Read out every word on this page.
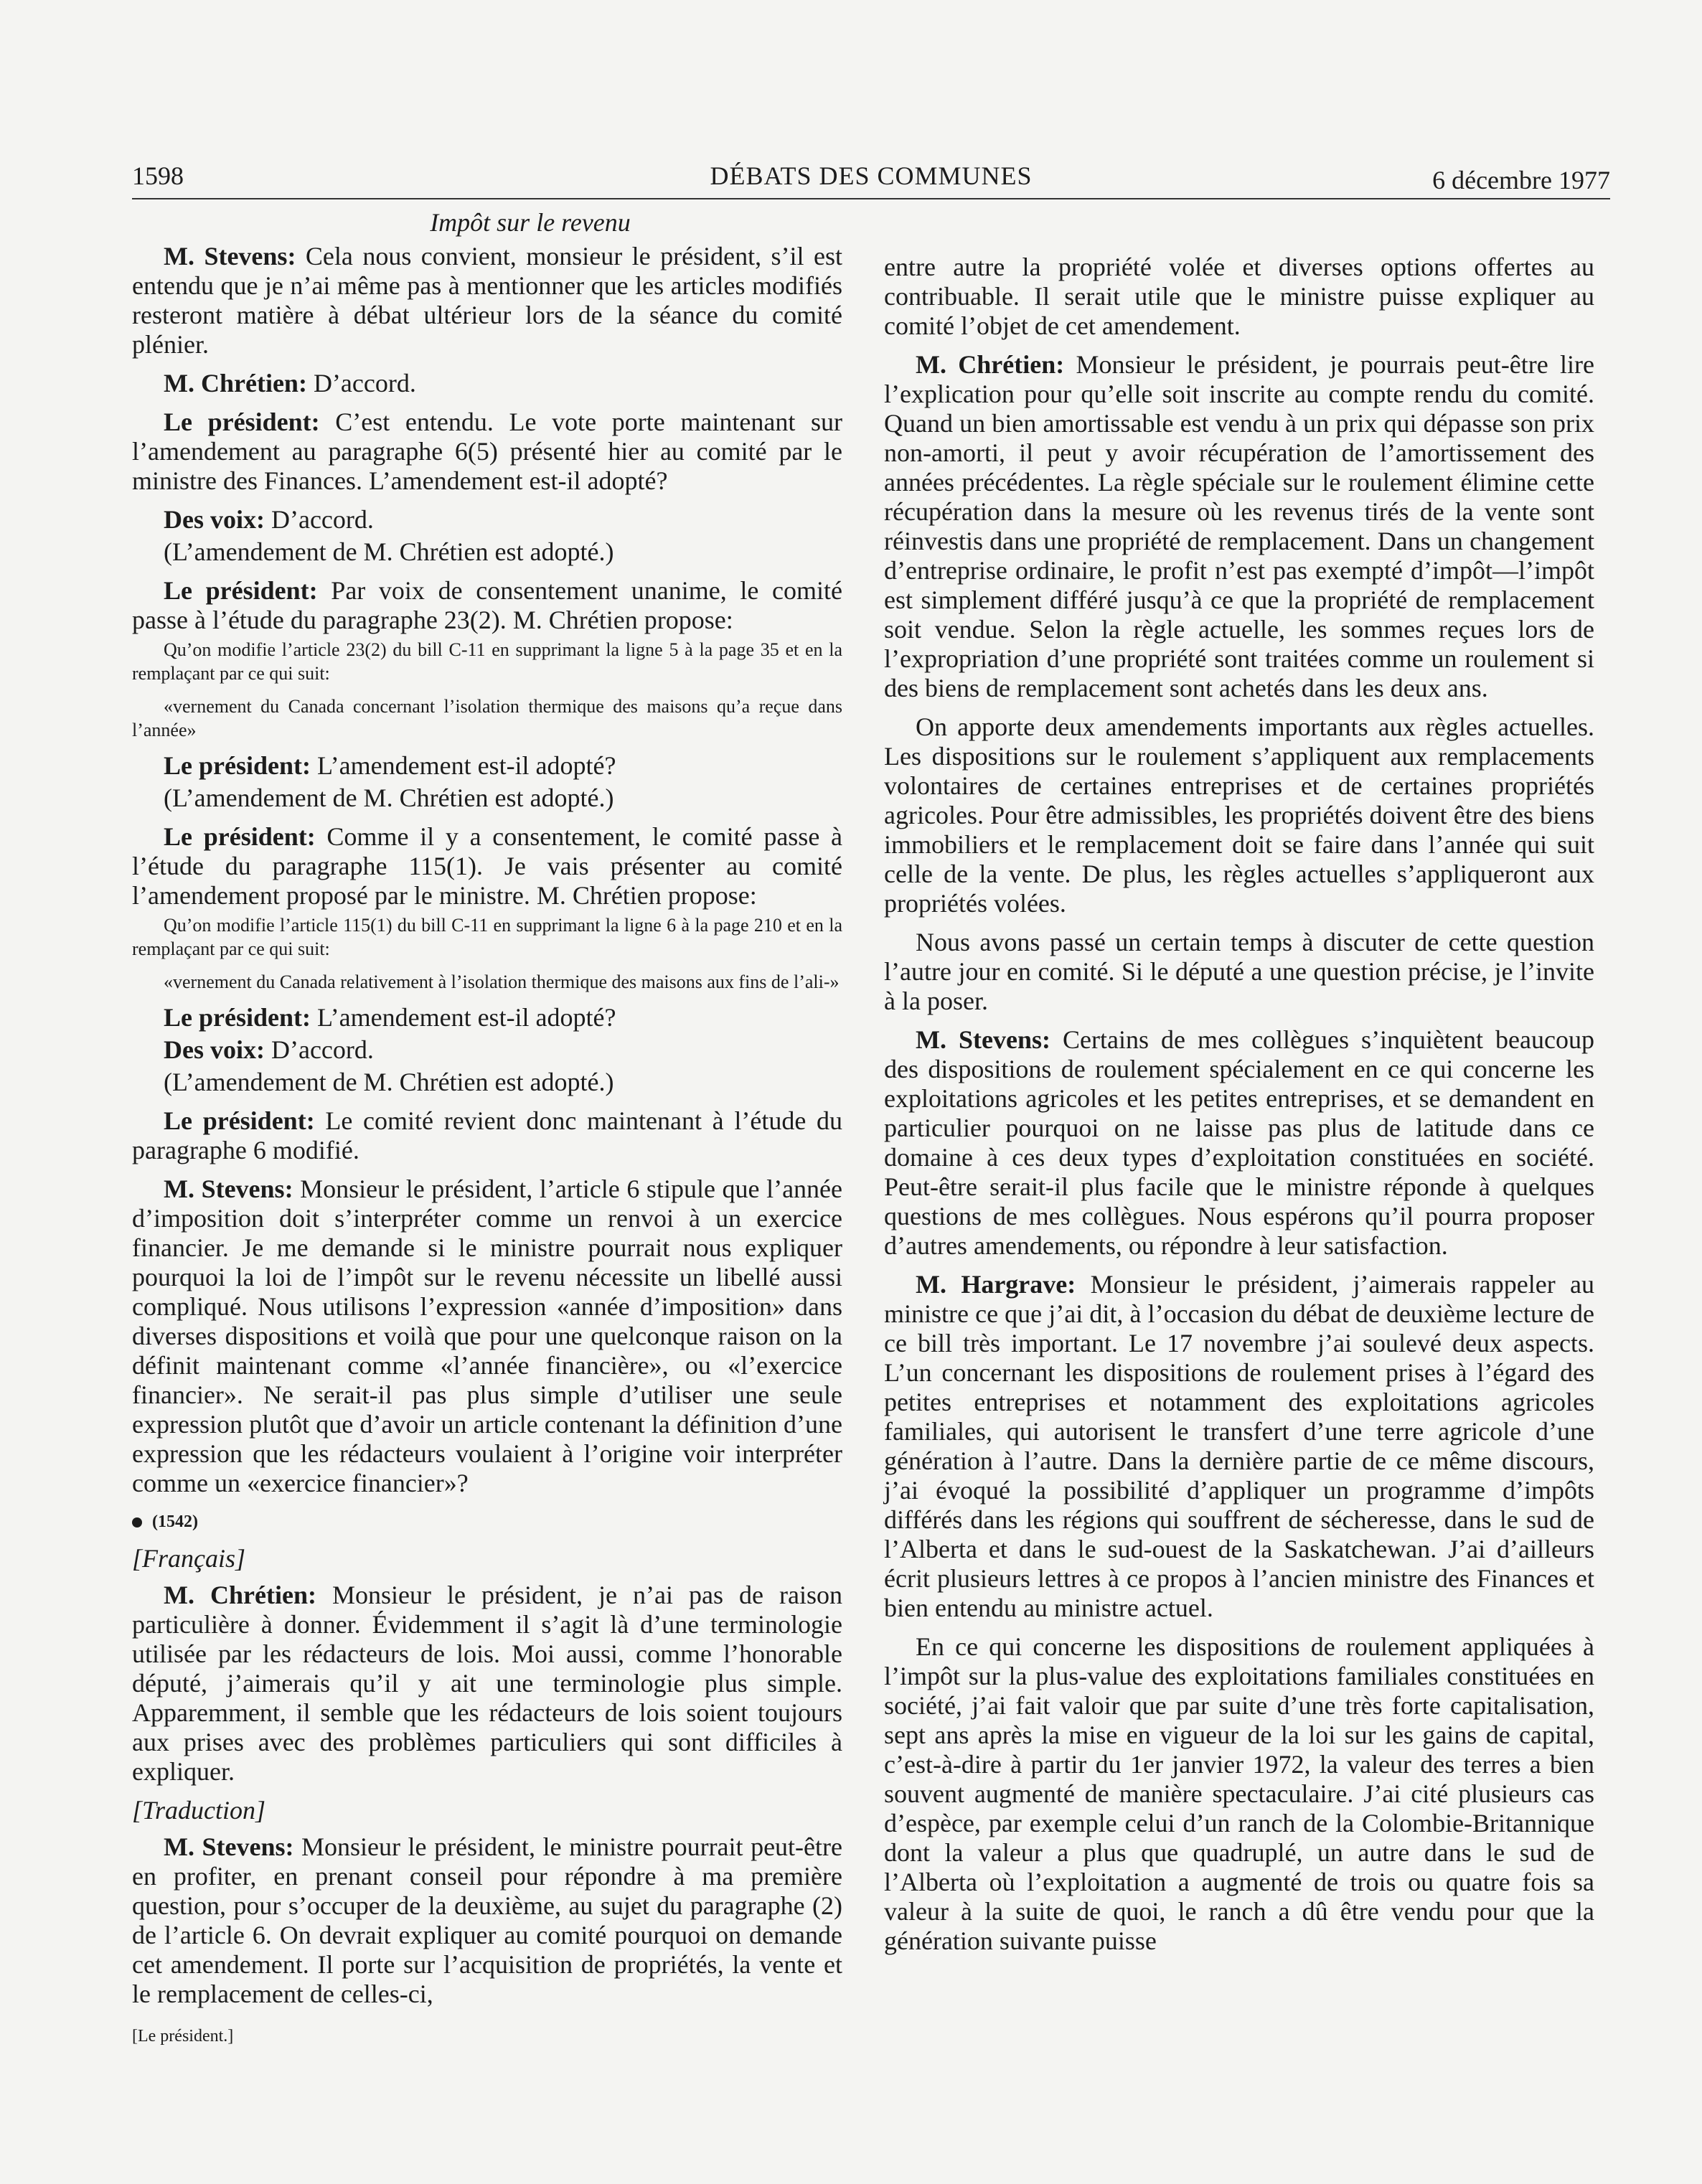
1598	DÉBATS DES COMMUNES	6 décembre 1977
Impôt sur le revenu

M. Stevens: Cela nous convient, monsieur le président, s’il est entendu que je n’ai même pas à mentionner que les articles modifiés resteront matière à débat ultérieur lors de la séance du comité plénier.

M. Chrétien: D’accord.

Le président: C’est entendu. Le vote porte maintenant sur l’amendement au paragraphe 6(5) présenté hier au comité par le ministre des Finances. L’amendement est-il adopté?

Des voix: D’accord.

(L’amendement de M. Chrétien est adopté.)

Le président: Par voix de consentement unanime, le comité passe à l’étude du paragraphe 23(2). M. Chrétien propose:

Qu’on modifie l’article 23(2) du bill C-11 en supprimant la ligne 5 à la page 35 et en la remplaçant par ce qui suit:

«vernement du Canada concernant l’isolation thermique des maisons qu’a reçue dans l’année»

Le président: L’amendement est-il adopté?

(L’amendement de M. Chrétien est adopté.)

Le président: Comme il y a consentement, le comité passe à l’étude du paragraphe 115(1). Je vais présenter au comité l’amendement proposé par le ministre. M. Chrétien propose:

Qu’on modifie l’article 115(1) du bill C-11 en supprimant la ligne 6 à la page 210 et en la remplaçant par ce qui suit:

«vernement du Canada relativement à l’isolation thermique des maisons aux fins de l’ali-»

Le président: L’amendement est-il adopté?

Des voix: D’accord.

(L’amendement de M. Chrétien est adopté.)

Le président: Le comité revient donc maintenant à l’étude du paragraphe 6 modifié.

M. Stevens: Monsieur le président, l’article 6 stipule que l’année d’imposition doit s’interpréter comme un renvoi à un exercice financier. Je me demande si le ministre pourrait nous expliquer pourquoi la loi de l’impôt sur le revenu nécessite un libellé aussi compliqué. Nous utilisons l’expression «année d’imposition» dans diverses dispositions et voilà que pour une quelconque raison on la définit maintenant comme «l’année financière», ou «l’exercice financier». Ne serait-il pas plus simple d’utiliser une seule expression plutôt que d’avoir un article contenant la définition d’une expression que les rédacteurs voulaient à l’origine voir interpréter comme un «exercice financier»?

(1542)
[Français]

M. Chrétien: Monsieur le président, je n’ai pas de raison particulière à donner. Évidemment il s’agit là d’une terminologie utilisée par les rédacteurs de lois. Moi aussi, comme l’honorable député, j’aimerais qu’il y ait une terminologie plus simple. Apparemment, il semble que les rédacteurs de lois soient toujours aux prises avec des problèmes particuliers qui sont difficiles à expliquer.

[Traduction]

M. Stevens: Monsieur le président, le ministre pourrait peut-être en profiter, en prenant conseil pour répondre à ma première question, pour s’occuper de la deuxième, au sujet du paragraphe (2) de l’article 6. On devrait expliquer au comité pourquoi on demande cet amendement. Il porte sur l’acquisition de propriétés, la vente et le remplacement de celles-ci,

[Le président.]

entre autre la propriété volée et diverses options offertes au contribuable. Il serait utile que le ministre puisse expliquer au comité l’objet de cet amendement.

M. Chrétien: Monsieur le président, je pourrais peut-être lire l’explication pour qu’elle soit inscrite au compte rendu du comité. Quand un bien amortissable est vendu à un prix qui dépasse son prix non-amorti, il peut y avoir récupération de l’amortissement des années précédentes. La règle spéciale sur le roulement élimine cette récupération dans la mesure où les revenus tirés de la vente sont réinvestis dans une propriété de remplacement. Dans un changement d’entreprise ordinaire, le profit n’est pas exempté d’impôt—l’impôt est simplement différé jusqu’à ce que la propriété de remplacement soit vendue. Selon la règle actuelle, les sommes reçues lors de l’expropriation d’une propriété sont traitées comme un roulement si des biens de remplacement sont achetés dans les deux ans.

On apporte deux amendements importants aux règles actuelles. Les dispositions sur le roulement s’appliquent aux remplacements volontaires de certaines entreprises et de certaines propriétés agricoles. Pour être admissibles, les propriétés doivent être des biens immobiliers et le remplacement doit se faire dans l’année qui suit celle de la vente. De plus, les règles actuelles s’appliqueront aux propriétés volées.

Nous avons passé un certain temps à discuter de cette question l’autre jour en comité. Si le député a une question précise, je l’invite à la poser.

M. Stevens: Certains de mes collègues s’inquiètent beaucoup des dispositions de roulement spécialement en ce qui concerne les exploitations agricoles et les petites entreprises, et se demandent en particulier pourquoi on ne laisse pas plus de latitude dans ce domaine à ces deux types d’exploitation constituées en société. Peut-être serait-il plus facile que le ministre réponde à quelques questions de mes collègues. Nous espérons qu’il pourra proposer d’autres amendements, ou répondre à leur satisfaction.

M. Hargrave: Monsieur le président, j’aimerais rappeler au ministre ce que j’ai dit, à l’occasion du débat de deuxième lecture de ce bill très important. Le 17 novembre j’ai soulevé deux aspects. L’un concernant les dispositions de roulement prises à l’égard des petites entreprises et notamment des exploitations agricoles familiales, qui autorisent le transfert d’une terre agricole d’une génération à l’autre. Dans la dernière partie de ce même discours, j’ai évoqué la possibilité d’appliquer un programme d’impôts différés dans les régions qui souffrent de sécheresse, dans le sud de l’Alberta et dans le sud-ouest de la Saskatchewan. J’ai d’ailleurs écrit plusieurs lettres à ce propos à l’ancien ministre des Finances et bien entendu au ministre actuel.

En ce qui concerne les dispositions de roulement appliquées à l’impôt sur la plus-value des exploitations familiales constituées en société, j’ai fait valoir que par suite d’une très forte capitalisation, sept ans après la mise en vigueur de la loi sur les gains de capital, c’est-à-dire à partir du 1er janvier 1972, la valeur des terres a bien souvent augmenté de manière spectaculaire. J’ai cité plusieurs cas d’espèce, par exemple celui d’un ranch de la Colombie-Britannique dont la valeur a plus que quadruplé, un autre dans le sud de l’Alberta où l’exploitation a augmenté de trois ou quatre fois sa valeur à la suite de quoi, le ranch a dû être vendu pour que la génération suivante puisse
